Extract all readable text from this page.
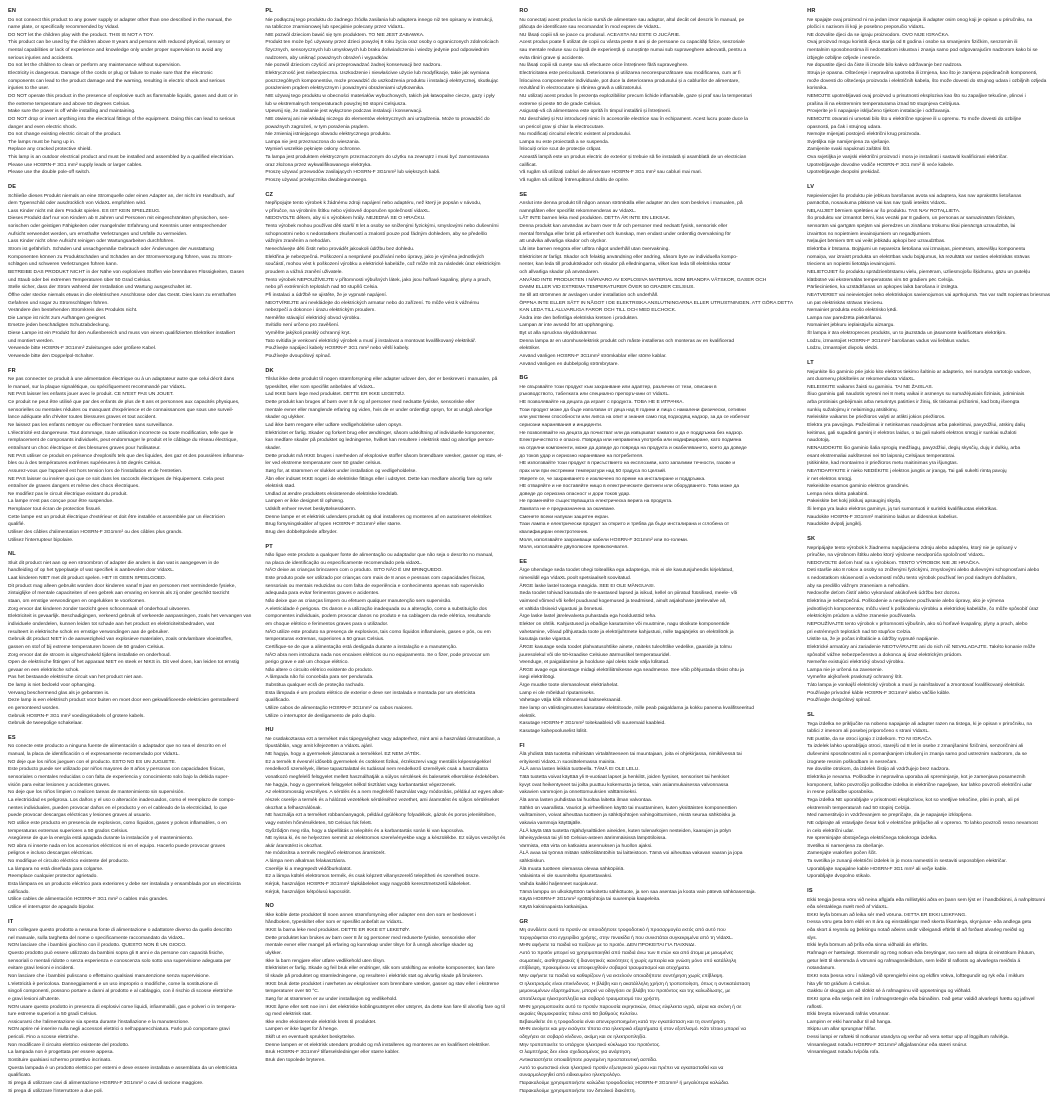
EN
Do not connect this product to any power supply or adapter other than one described in the manual, the
name plate, or specifically recommended by Vidaxl.
DO NOT let the children play with the product. THIS IS NOT A TOY.
This product can be used by the children above 8 years and persons with reduced physical, sensory or
mental capabilities or lack of experience and knowledge only under proper supervision to avoid any
serious injuries and accidents.
Do not let the children to clean or perform any maintenance without supervision.
Electricity is dangerous. Damage of the cords or plug or failure to make sure that the electronic
components can lead to the product damage and the warning, resulting in electric shock and serious
injuries to the user.
DO NOT operate this product in the presence of explosive such as flammable liquids, gases and dust or in
the extreme temperature and above 50 degrees Celsius.
Make sure the power is off while installing and maintaining.
DO NOT drop or insert anything into the electrical fittings of the equipment. Doing this can lead to serious
danger and even electric shock.
Do not change existing electric circuit of the product.
The lamps must be hung up in.
Replace any cracked protective shield.
This lamp is an outdoor electrical product and must be installed and assembled by a qualified electrician.
Please use HOSRN-F 3G1 mm² supply leads or larger cables.
Please use the double pole-off switch.
DE
Schließe dieses Produkt niemals an eine Stromquelle oder einen Adapter an, der nicht im Handbuch, auf
dem Typenschild oder ausdrücklich von VidaXL empfohlen wird.
Lass Kinder nicht mit dem Produkt spielen. ES IST KEIN SPIELZEUG.
Dieses Produkt darf nur von Kindern ab 8 Jahren und Personen mit eingeschränkten physischen, sen-
sorischen oder geistigen Fähigkeiten oder mangelnder Erfahrung und Kenntnis unter entsprechender
Aufsicht verwendet werden, um ernsthafte Verletzungen und Unfälle zu vermeiden.
Lass Kinder nicht ohne Aufsicht reinigen oder Wartungsarbeiten durchführen.
Strom ist gefährlich. Schäden und unsachgemäße Gebrauch oder Änderungen der Ausstattung
Komponenten können zu Produktschäden und Schäden an der Stromversorgung führen, was zu Strom-
schlägen und schweren Verletzungen führen kann.
BETREIBE DAS PRODUKT NICHT in der Nähe von explosiven Stoffen wie brennbaren Flüssigkeiten, Gasen
und Staub oder bei extremen Temperaturen über 50 Grad Celsius.
Stelle sicher, dass der Strom während der Installation und Wartung ausgeschaltet ist.
Öffne oder stecke niemals etwas in die elektrischen Anschlüsse oder das Gerät. Dies kann zu ernsthaften
Gefahren und sogar zu Stromschlägen führen.
Verändere den bestehenden Stromkreis des Produkts nicht.
Die Lampe ist nicht zum Aufhängen geeignet.
Ersetze jeden beschädigten Schutzabdeckung.
Diese Lampe ist ein Produkt für den Außenbereich und muss von einem qualifizierten Elektriker installiert
und montiert werden.
Verwende bitte HOSRN-F 3G1mm² Zuleitungen oder größere Kabel.
Verwende bitte den Doppelpol-Schalter.
FR
Ne pas connecter ce produit à une alimentation électrique ou à un adaptateur autre que celui décrit dans
le manuel, sur la plaque signalétique, ou spécifiquement recommandé par VidaXL.
NE PAS laisser les enfants jouer avec le produit. CE N'EST PAS UN JOUET.
Ce produit ne peut être utilisé que par des enfants de plus de 8 ans et personnes aux capacités physiques,
sensorielles ou mentales réduites ou manquant d'expérience et de connaissances que sous une surveil-
lance adéquate afin d'éviter toutes blessures graves et tout accident.
Ne laissez pas les enfants nettoyer ou effectuer l'entretien sans surveillance.
L'électricité est dangereuse. Tout dommage, toute utilisation incorrecte ou toute modification, telle que le
remplacement de composants individuels, peut endommager le produit et le câblage du réseau électrique,
entraînant un choc électrique et des blessures graves pour l'utilisateur.
NE PAS utiliser ce produit en présence d'explosifs tels que des liquides, des gaz et des poussières inflamma-
bles ou à des températures extrêmes supérieures à 50 degrés Celsius.
Assurez-vous que l'appareil est hors tension lors de l'installation et de l'entretien.
NE PAS laisser ou insérer quoi que ce soit dans les raccords électriques de l'équipement. Cela peut
entraîner de graves dangers et même des chocs électriques.
Ne modifiez pas le circuit électrique existant du produit.
La lampe n'est pas conçue pour être suspendue.
Remplacer tout écran de protection fissuré.
Cette lampe est un produit électrique d'extérieur et doit être installée et assemblée par un électricien
qualifié.
Utiliser des câbles d'alimentation HOSRN-F 3G1mm² ou des câbles plus grands.
Utilisez l'interrupteur bipolaire.
NL
Sluit dit product niet aan op een stroombron of adapter die anders is dan wat is aangegeven in de
handleiding of op het typeplaatje of wat specifiek is aanbevolen door VidaXL.
Laat kinderen NIET met dit product spelen. HET IS GEEN SPEELGOED.
Dit product mag alleen gebruikt worden door kinderen vanaf 8 jaar en personen met verminderde fysieke,
zintuiglijke of mentale capaciteiten of een gebrek aan ervaring en kennis als zij onder geschikt toezicht
staan, om ernstige verwondingen en ongelukken te voorkomen.
Zorg ervoor dat kinderen zonder toezicht geen schoonmaak of onderhoud uitvoeren.
Elektriciteit is gevaarlijk. Beschadigingen, verkeerd gebruik of verkeerde aanpassingen, zoals het vervangen van
individuele onderdelen, kunnen leiden tot schade aan het product en elektriciteitsbedraden, wat
resulteert in elektrische schok en ernstige verwondingen aan de gebruiker.
Gebruik dit product NIET in de aanwezigheid van explosieve materialen, zoals ontvlambare vloeistoffen,
gassen en stof of bij extreme temperaturen boven de 50 graden Celsius.
Zorg ervoor dat de stroom is uitgeschakeld tijdens installatie en onderhoud.
Open de elektrische fittingen of het apparaat NIET en steek er NIKS in. Dit veel doen, kan leiden tot ernstig
gevaar en een elektrische schok.
Pas het bestaande elektrische circuit van het product niet aan.
De lamp is niet bedoeld voor ophanging.
Vervang beschermend glas als je gebarsten is.
Deze lamp is een elektrisch product voor buiten en moet door een gekwalificeerde elektricien geïnstalleerd
en gemonteerd worden.
Gebruik HOSRN-F 3G1 mm² voedingskabels of grotere kabels.
Gebruik de tweepolige schakelaar.
ES
No conecte este producto a ninguna fuente de alimentación o adaptador que no sea el descrito en el
manual, la placa de identificación o el expresamente recomendado por VidaXL.
NO deje que los niños jueguen con el producto. ESTO NO ES UN JUGUETE.
Este producto puede ser utilizado por niños mayores de 8 años y personas con capacidades físicas,
sensoriales o mentales reducidas o con falta de experiencia y conocimiento solo bajo la debida super-
visión para evitar lesiones y accidentes graves.
No deje que los niños limpien o realicen tareas de mantenimiento sin supervisión.
La electricidad es peligrosa. Los daños y el uso o alteración inadecuados, como el reemplazo de compo-
nentes individuales, pueden provocar daños en el producto y en el cableado de la electricidad, lo que
puede provocar descargas eléctricas y lesiones graves al usuario.
NO utilice este producto en presencia de explosivos, como líquidos, gases y polvos inflamables, o en
temperaturas extremas superiores a 50 grados Celsius.
Asegúrese de que la energía está apagada durante la instalación y el mantenimiento.
NO abra ni inserte nada en los accesorios eléctricos ni en el equipo. Hacerlo puede provocar graves
peligros e incluso descargas eléctricas.
No modifique el circuito eléctrico existente del producto.
La lámpara no está diseñada para colgarse.
Reemplace cualquier protector agrietado.
Esta lámpara es un producto eléctrico para exteriores y debe ser instalada y ensamblada por un electricista
calificado.
Utilice cables de alimentación HOSRN-F 3G1 mm² o cables más grandes.
Utilice el interruptor de apagado bipolar.
IT
Non collegare questo prodotto a nessuna fonte di alimentazione o adattatore diverso da quello descritto
nel manuale, sulla targhetta del nome o specificamente raccomandato da VidaXL.
NON lasciare che i bambini giochino con il prodotto. QUESTO NON È UN GIOCO.
Questo prodotto può essere utilizzato da bambini sopra gli 8 anni e da persone con capacità fisiche,
sensoriali o mentali ridotte o senza esperienza e conoscenza solo sotto una supervisione adeguata per
evitare gravi lesioni e incidenti.
Non lasciare che i bambini puliscano o effettuino qualsiasi manutenzione senza supervisione.
L'elettricità è pericolosa. Danneggiamenti e un uso improprio o modifiche, come la sostituzione di
singoli componenti, possono portare a danni al prodotto e al cablaggio, con il rischio di scosse elettriche
e gravi lesioni all'utente.
NON usare questo prodotto in presenza di esplosivi come liquidi, infiammabili, gas e polveri o in tempera-
ture estreme superiori a 50 gradi Celsius.
Assicurarsi che l'alimentazione sia spenta durante l'installazione e la manutenzione.
NON aprire né inserire nulla negli accessori elettrici o nell'apparecchiatura. Farlo può comportare gravi
pericoli. Fino a scosse elettriche.
Non modificare il circuito elettrico esistente del prodotto.
La lampada non è progettata per essere appesa.
Sostituire qualsiasi schermo protettivo incrinato.
Questa lampada è un prodotto elettrico per esterni e deve essere installata e assemblata da un elettricista
qualificato.
Si prega di utilizzare cavi di alimentazione HOSRN-F 3G1mm² o cavi di sezione maggiore.
Si prega di utilizzare l'interruttore a due poli.
PL
Nie podłączaj tego produktu do żadnego źródła zasilania lub adaptera innego niż ten opisany w instrukcji,
na tabliczce znamionowej lub specjalnie polecany przez VidaXL.
NIE pozwól dzieciom bawić się tym produktem. TO NIE JEST ZABAWKA.
Produkt ten może być używany przez dzieci powyżej 8 roku życia oraz osoby o ograniczonych zdolnościach
fizycznych, sensorycznych lub umysłowych lub braku doświadczenia i wiedzy jedynie pod odpowiednim
nadzorem, aby uniknąć poważnych obrażeń i wypadków.
Nie pozwól dzieciom czyścić ani przeprowadzać żadnej konserwacji bez nadzoru.
Elektryczność jest niebezpieczna. Uszkodzenie i niewłaściwe użycie lub modyfikacje, takie jak wymiana
poszczególnych komponentów, może prowadzić do uszkodzenia produktu i instalacji elektrycznej, skutkując
porażeniem prądem elektrycznym i poważnymi obrażeniami użytkownika.
NIE używaj tego produktu w obecności materiałów wybuchowych, takich jak łatwopalne ciecze, gazy i pyły
lub w ekstremalnych temperaturach powyżej 50 stopni Celsjusza.
Upewnij się, że zasilanie jest wyłączone podczas instalacji i konserwacji.
NIE otwieraj ani nie wkładaj niczego do elementów elektrycznych ani urządzenia. Może to prowadzić do
poważnych zagrożeń, w tym porażenia prądem.
Nie zmieniaj istniejącego obwodu elektrycznego produktu.
Lampa nie jest przeznaczona do wieszania.
Wymień wszelkie pęknięte osłony ochronne.
Ta lampa jest produktem elektrycznym przeznaczonym do użytku na zewnątrz i musi być zamontowana
oraz złożona przez wykwalifikowanego elektryka.
Proszę używać przewodów zasilających HOSRN-F 3G1mm² lub większych kabli.
Proszę używać przełącznika dwubiegunowego.
CZ
Nepřipojujte tento výrobek k žádnému zdroji napájení nebo adaptéru, než který je popsán v návodu,
v příručce, na výrobním štítku nebo výslovně doporučen společností vidaXL.
NEDOVOLTE dětem, aby si s výrobkem hrály. NEJEDNÁ SE O HRAČKU.
Tento výrobek mohou používat děti starší 8 let a osoby se sníženými fyzickými, smyslovými nebo duševními
schopnostmi nebo s nedostatkem zkušeností a znalostí pouze pod řádným dohledem, aby se předešlo
vážným zraněním a nehodám.
Nenechávejte děti čistit nebo provádět jakoukoli údržbu bez dohledu.
Elektřina je nebezpečná. Poškození a nesprávné používání nebo úpravy, jako je výměna jednotlivých
součástí, mohou vést k poškození výrobku a elektrické kabeláže, což může mít za následek úraz elektrickým
proudem a vážná zranění uživatele.
Tento výrobek NEPOUŽÍVEJTE v přítomnosti výbušných látek, jako jsou hořlavé kapaliny, plyny a prach,
nebo při extrémních teplotách nad 50 stupňů Celsia.
Při instalaci a údržbě se ujistěte, že je vypnuté napájení.
NEOTVÍREJTE ani nevkládejte do elektrických armatur nebo do zařízení. To může vést k vážnému
nebezpečí a dokonce i úrazu elektrickým proudem.
Neměňte stávající elektrický obvod výrobku.
Svítidlo není určeno pro zavěšení.
Vyměňte jakýkoli prasklý ochranný kryt.
Tato svítidla je venkovní elektrický výrobek a musí ji instalovat a montovat kvalifikovaný elektrikář.
Používejte napájecí kabely HOSRN-F 3G1 mm² nebo větší kabely.
Používejte dvoupólový spínač.
DK
Tilslut ikke dette produkt til nogen strømforsyning eller adapter udover den, der er beskrevet i manualen, på
typeskiltet, eller som specifikt anbefales af VidaXL.
Lad IKKE børn lege med produktet. DETTE ER IKKE LEGETØJ.
Dette produkt kan bruges af børn over 8 år og af personer med nedsatte fysiske, sensoriske eller
mentale evner eller manglende erfaring og viden, hvis de er under ordentligt opsyn, for at undgå alvorlige
skader og ulykker.
Lad ikke børn rengøre eller udføre vedligeholdelse uden opsyn.
Elektricitet er farlig. Skader og forkert brug eller ændringer, såsom udskiftning af individuelle komponenter,
kan medføre skader på produktet og ledningerne, hvilket kan resultere i elektrisk stød og alvorlige person-
skader.
Dette produkt må IKKE bruges i nærheden af eksplosive stoffer såsom brændbare væsker, gasser og støv, el-
ler ved ekstreme temperaturer over 50 grader celsius.
Sørg for, at strømmen er slukket under installation og vedligeholdelse.
Åbn eller indsæt IKKE noget i de elektriske fittings eller i udstyret. Dette kan medføre alvorlig fare og selv
elektrisk stød.
Undlad at ændre produktets eksisterende elektriske kredsløb.
Lampen er ikke designet til ophæng.
Udskift enhver revnet beskyttelsesskærm.
Denne lampe er et elektrisk udendørs produkt og skal installeres og monteres af en autoriseret elektriker.
Brug forsyningskabler af typen HOSRN-F 3G1mm² eller større.
Brug den dobbeltpolede afbryder.
PT
Não ligue este produto a qualquer fonte de alimentação ou adaptador que não seja o descrito no manual,
na placa de identificação ou especificamente recomendado pela vidaXL.
NÃO deixe as crianças brincarem com o produto. ISTO NÃO É UM BRINQUEDO.
Este produto pode ser utilizado por crianças com mais de 8 anos e pessoas com capacidades físicas,
sensoriais ou mentais reduzidas ou com falta de experiência e conhecimento apenas sob supervisão
adequada para evitar ferimentos graves e acidentes.
Não deixe que as crianças limpem ou efetuem qualquer manutenção sem supervisão.
A eletricidade é perigosa. Os danos e a utilização inadequada ou a alteração, como a substituição dos
componentes individuais, podem provocar danos no produto e na cablagem da rede elétrica, resultando
em choque elétrico e ferimentos graves para o utilizador.
NÃO utilize este produto na presença de explosivos, tais como líquidos inflamáveis, gases e pós, ou em
temperaturas extremas, superiores a 50 graus Celsius.
Certifique-se de que a alimentação está desligada durante a instalação e a manutenção.
NÃO abra nem introduza nada nos encaixes elétricos ou no equipamento. Se o fizer, pode provocar um
perigo grave e até um choque elétrico.
Não altere o circuito elétrico existente do produto.
A lâmpada não foi concebida para ser pendurada.
Substitua qualquer ecrã de proteção rachado.
Esta lâmpada é um produto elétrico de exterior e deve ser instalada e montada por um eletricista
qualificado.
Utilize cabos de alimentação HOSRN-F 3G1mm² ou cabos maiores.
Utilize o interruptor de desligamento de polo duplo.
HU
Ne csatlakoztassa ezt a terméket más tápegységhez vagy adapterhez, mint ami a használati útmutatóban, a
típustáblán, vagy amit kifejezetten a VidaXL ajánl.
NE hagyja, hogy a gyermekek játsszanak a termékkel. EZ NEM JÁTÉK.
Ez a termék 8 évesnél idősebb gyermekek és csökkent fizikai, érzékszervi vagy mentális képességekkel
rendelkező személyek, illetve tapasztalattal és tudással nem rendelkező személyek csak a használatra
vonatkozó megfelelő felügyelet mellett használhatják a súlyos sérülések és balesetek elkerülése érdekében.
Ne hagyja, hogy a gyermekek felügyelet nélkül tisztítást vagy karbantartást végezzenek.
Az elektromosság veszélyes. A sérülés és a nem megfelelő használat vagy módosítás, például az egyes alkat-
részek cseréje a termék és a hálózati vezetékek sérüléséhez vezethet, ami áramütést és súlyos sérüléseket
okozhat a felhasználónak.
NE használja ezt a terméket robbanóanyagok, például gyúlékony folyadékok, gázok és poros jelenlétében,
vagy extrém hőmérsékleten, 50 Celsius fok felett.
Győződjön meg róla, hogy a tápellátás a telepítés és a karbantartás során ki van kapcsolva.
NE nyissa ki, és ne helyezzen semmit az elektromos szerelvényekbe vagy a készülékbe. Ez súlyos veszélyt és
akár áramütést is okozhat.
Ne módosítsa a termék meglévő elektromos áramkörét.
A lámpa nem alkalmas felakasztásra.
Cserélje ki a megrepedt védőburkolatot.
Ez a lámpa kültéri elektromos termék, és csak képzett villanyszerelő telepítheti és szerelheti össze.
Kérjük, használjon HOSRN-F 3G1mm² tápkábeleket vagy nagyobb keresztmetszetű kábeleket.
Kérjük, használjon kétpólusú kapcsolót.
NO
Ikke koble dette produktet til noen annen strømforsyning eller adapter enn den som er beskrevet i
håndboken, typeskiltet eller som er spesifikt anbefalt av VidaXL.
IKKE la barna leke med produktet. DETTE ER IKKE ET LEKETØY.
Dette produktet kan brukes av barn over 8 år og personer med reduserte fysiske, sensoriske eller
mentale evner eller mangel på erfaring og kunnskap under tilsyn for å unngå alvorlige skader og
ulykker.
Ikke la barn rengjøre eller utføre vedlikehold uten tilsyn.
Elektrisitet er farlig. Skade og feil bruk eller endringer, slik som utskifting av enkelte komponenter, kan føre
til skade på produktet og strømledningene, og resultere i elektrisk støt og alvorlig skade på brukeren.
IKKE bruk dette produktet i nærheten av eksplosiver som brennbare væsker, gasser og støv eller i ekstreme
temperaturer over 50 °C.
Sørg for at strømmen er av under installasjon og vedlikehold.
IKKE åpne eller sett noe inn i det elektriske koblingsutstyret eller utstyret, da dette kan føre til alvorlig fare og til
og med elektrisk støt.
Ikke endre eksisterende elektrisk krets til produktet.
Lampen er ikke laget for å henge.
Skift ut en eventuelt sprukket beskyttelse.
Denne lampen er et elektrisk utendørs produkt og må installeres og monteres av en kvalifisert elektriker.
Bruk HOSRN-F 3G1mm² tilførselsledninger eller større kabler.
Bruk den topolede bryteren.
RO
Nu conectați acest produs la nicio sursă de alimentare sau adaptor, altul decât cel descris în manual, pe
plăcuța de identificare sau recomandat în mod expres de VidaXL.
NU lăsați copiii să se joace cu produsul. ACEASTA NU ESTE O JUCĂRIE.
Acest produs poate fi utilizat de copii cu vârsta peste 8 ani și de persoane cu capacități fizice, senzoriale
sau mentale reduse sau cu lipsă de experiență și cunoștințe numai sub supraveghere adecvată, pentru a
evita răniri grave și accidente.
Nu lăsați copiii să curețe sau să efectueze orice întreținere fără supraveghere.
Electricitatea este periculoasă. Deteriorarea și utilizarea necorespunzătoare sau modificarea, cum ar fi
înlocuirea componentelor individuale, pot duce la deteriorarea produsului și a cablurilor de alimentare,
rezultând în electrocutare și rănirea gravă a utilizatorului.
NU utilizați acest produs în prezența explozibililor precum lichide inflamabile, gaze și praf sau la temperaturi
extreme și peste 50 de grade Celsius.
Asigurați-vă că alimentarea este oprită în timpul instalării și întreținerii.
NU deschideți și NU introduceți nimic în accesoriile electrice sau în echipament. Acest lucru poate duce la
un pericol grav și chiar la electrocutare.
Nu modificați circuitul electric existent al produsului.
Lampa nu este proiectată a se suspenda.
Înlocuiți orice scut de protecție crăpat.
Această lampă este un produs electric de exterior și trebuie să fie instalată și asamblată de un electrician
calificat.
Vă rugăm să utilizați cabluri de alimentare HOSRN-F 3G1 mm² sau cabluri mai mari.
Vă rugăm să utilizați întrerupătorul dublu de oprire.
SE
Anslut inte denna produkt till någon annan strömkälla eller adapter än den som beskrivs i manualen, på
namnplåten eller specifikt rekommenderas av VidaXL.
LÅT INTE barnen leka med produkten. DETTA ÄR INTE EN LEKSAK.
Denna produkt kan användas av barn över 8 år och personer med nedsatt fysisk, sensorisk eller
mental förmåga eller brist på erfarenhet och kunskap, men endast under ordentlig övervakning för
att undvika allvarliga skador och olyckor.
Låt inte barnen rengöra eller utföra något underhåll utan övervakning.
Elektricitet är farligt. Skador och felaktig användning eller ändring, såsom byte av individuella kompo-
nenter, kan leda till produktskador och skador på elledningarna, vilket kan leda till elektriska stötar
och allvarliga skador på användaren.
ANVÄND INTE PRODUKTEN I NÄRVARO AV EXPLOSIVA MATERIAL SOM BRANDFA VÄTSKOR, GASER OCH
DAMM ELLER VID EXTREMA TEMPERATURER ÖVER 50 GRADER CELSIUS.
Se till att strömmen är avslagen under installation och underhåll.
ÖPPNA INTE ELLER SÄTT IN NÅGOT I DE ELEKTRISKA ANSLUTNINGARNA ELLER UTRUSTNINGEN. ATT GÖRA DETTA
KAN LEDA TILL ALLVARLIGA FAROR OCH TILL OCH MED ELCHOCK.
Ändra inte den befintliga elektriska kretsen i produkten.
Lampan är inte avsedd för att upphängning.
Byt ut alla spruckna skyddsskärmar.
Denna lampa är en utomhuselektrisk produkt och måste installeras och monteras av en kvalificerad
elektriker.
Använd vänligen HOSRN-F 3G1mm² strömkablar eller större kablar.
Använd vänligen en dubbelpolig strömbrytare.
BG
Не свързвайте този продукт към захранване или адаптер, различни от тези, описани в
ръководството, табелката или специално препоръчани от VidaXL.
НЕ позволявайте на децата да играят с продукта. ТОВА НЕ Е ИГРАЧКА.
Този продукт може да бъде използван от деца над 8 години и лица с намалени физически, сетивни
или умствени способности или липса на опит и знания само под подходящ надзор, за да се избегнат
сериозни наранявания и инциденти.
Не позволявайте на децата да почистват или да извършват каквато и да е поддръжка без надзор.
Електричеството е опасно. Повреда или неправилна употреба или модифициране, като подмяна
на отделни компоненти, може да доведе до повреда на продукта и окабеляването, което да доведе
до токов удар и сериозно нараняване на потребителя.
НЕ използвайте този продукт в присъствието на експлозиви, като запалими течности, газове и
прах или при екстремни температури над 50 градуса по Целзий.
Уверете се, че захранването е изключено по време на инсталиране и поддръжка.
НЕ отваряйте и не поставяйте нищо в електрическите фитинги или оборудването. Това може да
доведе до сериозна опасност и дори токов удар.
Не променяйте съществуващата електрическа верига на продукта.
Лампата не е предназначена за окачване.
Сменете всеки напукан защитен екран.
Тази лампа е електрически продукт за открито и трябва да бъде инсталирана и сглобена от
квалифициран електротехник.
Моля, използвайте захранващи кабели HOSRN-F 3G1mm² или по-големи.
Моля, използвайте двуполюсен превключвател.
EE
Ärge ühendage seda toodet ühegi toiteallika ega adapteriga, mis ei ole kasutusjuhendis kirjeldatud,
nimesildil ega VidaXL poolt spetsiaalselt soovitatud.
ÄRGE laske lastel tootega mängida. SEE EI OLE MÄNGUASI.
Seda toodet tohivad kasutada üle 8-aastased lapsed ja isikud, kellel on piiratud füüsilised, meele- või
vaimsed võimed või kellel puuduvad kogemused ja teadmised, ainult asjakohase järelevalve all,
et vältida tõsiseid vigastusi ja õnnetusi.
Ärge laske lastel järelevalveta puhastada ega hooldustöid teha.
Elekter on ohtlik. Kahjustused ja ebaõige kasutamine või muutmine, nagu üksikute komponentide
vahetamine, võivad põhjustada toote ja elektrijuhtmete kahjustusi, mille tagajärjeks on elektrilöök ja
kasutaja raske vigastus.
ÄRGE kasutage seda toodet plahvatusohtlike ainete, näiteks tuleohtlike vedelike, gaaside ja tolmu
juuresolekul või üle 50-kraadise Celsiuse äärmuslikel temperatuuridel.
Veenduge, et paigaldamise ja hoolduse ajal oleks toide välja lülitatud.
ÄRGE avage ega sisestage midagi elektriliitmikesse ega seadmesse. See võib põhjustada tõsist ohtu ja
isegi elektrilöögi.
Ärge muutke toote olemasolevat elektriahelat.
Lamp ei ole mõeldud riputamiseks.
Vahetage välja kõik mõranenud kaitseekraanid.
See lamp on välistingimustes kasutatav elektritoode, mille peab paigaldama ja kokku panema kvalifitseeritud
elektrik.
Kasutage HOSRN-F 3G1mm² toitekaableid või suuremaid kaableid.
Kasutage kahepooluselist lülitit.
FI
Älä yhdistä tätä tuotetta mihinkään virtalähteeseen tai muuntajaan, joita ei ohjekirjassa, nimikilvessä tai
erityisesti VidaXL:n suosittelemassa mainita.
ÄLÄ anna lasten leikkiä tuotteella. TÄMÄ EI OLE LELU.
Tätä tuotetta voivat käyttää yli 8-vuotiaat lapset ja henkilöt, joiden fyysiset, sensoriset tai henkiset
kyvyt ovat heikentyneet tai joilta puuttuu kokemusta ja tietoa, vain asianmukaisessa valvonnassa
vakavien vammojen ja onnettomuuksien välttämiseksi.
Älä anna lasten puhdistaa tai huoltaa laitetta ilman valvontaa.
Sähkö on vaarallista. Vauriot ja virheellinen käyttö tai muuttaminen, kuten yksittäisten komponenttien
vaihtaminen, voivat aiheuttaa tuotteen ja sähköjohtojen vahingoittumisen, mistä seuraa sähköisku ja
vakavia vammoja käyttäjälle.
ÄLÄ käytä tätä tuotetta räjähdysalttiiden aineiden, kuten tulenarkojen nesteiden, kaasujen ja pölyn
läheisyydessä tai yli 50 Celsius-asteen äärimmäisissä lämpötiloissa.
Varmista, että virta on katkaistu asennuksen ja huollon ajaksi.
ÄLÄ avaa tai työnnä mitään sähköliitäntöihin tai laitteistoon. Tämä voi aiheuttaa vakavan vaaran ja jopa
sähköiskun.
Älä muuta tuotteen olemassa olevaa sähköpiiriä.
Valaisinta ei ole suunniteltu ripustettavaksi.
Vaihda kaikki haljenneet suojakuvut.
Tämä lamppu on ulkokäyttöön tarkoitettu sähkötuote, ja sen saa asentaa ja koota vain pätevä sähköasentaja.
Käytä HOSRN-F 3G1mm² syöttöjohtoja tai suurempia kaapeleita.
Käytä kaksinapaista katkaisijaa.
GR
Μη συνδέετε αυτό το προϊόν σε οποιοδήποτε τροφοδοτικό ή προσαρμογέα εκτός από αυτό που
περιγράφεται στο εγχειρίδιο χρήσης, στην πινακίδα ή που συνιστάται συγκεκριμένα από τη VidaXL.
ΜΗΝ αφήνετε τα παιδιά να παίζουν με το προϊόν. ΔΕΝ ΠΡΟΚΕΙΤΑΙ ΓΙΑ ΠΑΙΧΝΙΔΙ.
Αυτό το προϊόν μπορεί να χρησιμοποιηθεί από παιδιά άνω των 8 ετών και από άτομα με μειωμένες
σωματικές, αισθητηριακές ή διανοητικές ικανότητες ή χωρίς εμπειρία και γνώση μόνο υπό κατάλληλη
επίβλεψη, προκειμένου να αποφευχθούν σοβαροί τραυματισμοί και ατυχήματα.
Μην αφήνετε τα παιδιά να καθαρίζουν ή να εκτελούν οποιαδήποτε συντήρηση χωρίς επίβλεψη.
Ο ηλεκτρισμός είναι επικίνδυνος. Η βλάβη και η ακατάλληλη χρήση ή τροποποίηση, όπως η αντικατάσταση
μεμονωμένων εξαρτημάτων, μπορεί να οδηγήσει σε βλάβη του προϊόντος και της καλωδίωσης, με
αποτέλεσμα ηλεκτροπληξία και σοβαρό τραυματισμό του χρήστη.
ΜΗΝ χρησιμοποιείτε αυτό το προϊόν παρουσία εκρηκτικών, όπως εύφλεκτα υγρά, αέρια και σκόνη ή σε
ακραίες θερμοκρασίες πάνω από 50 βαθμούς Κελσίου.
Βεβαιωθείτε ότι η τροφοδοσία είναι απενεργοποιημένη κατά την εγκατάσταση και τη συντήρηση.
ΜΗΝ ανοίγετε και μην εισάγετε τίποτα στα ηλεκτρικά εξαρτήματα ή στον εξοπλισμό. Κάτι τέτοιο μπορεί να
οδηγήσει σε σοβαρό κίνδυνο, ακόμη και σε ηλεκτροπληξία.
Μην τροποποιείτε το υπάρχον ηλεκτρικό κύκλωμα του προϊόντος.
Ο λαμπτήρας δεν είναι σχεδιασμένος για ανάρτηση.
Αντικαταστήστε οποιαδήποτε ραγισμένη προστατευτική ασπίδα.
Αυτό το φωτιστικό είναι ηλεκτρικό προϊόν εξωτερικού χώρου και πρέπει να εγκατασταθεί και να
συναρμολογηθεί από ειδικευμένο ηλεκτρολόγο.
Παρακαλούμε χρησιμοποιήστε καλώδια τροφοδοσίας HOSRN-F 3G1mm² ή μεγαλύτερα καλώδια.
Παρακαλούμε χρησιμοποιήστε τον διπολικό διακόπτη.
HR
Ne spajajte ovaj proizvod ni na jedan izvor napajanja ili adapter osim onog koji je opisan u priručniku, na
pločici s nazivom ili koji je posebno preporučio VidaXL.
NE dozvolite djeci da se igraju proizvodom. OVO NIJE IGRAČKA.
Ovaj proizvod mogu koristiti djeca starija od 8 godina i osobe sa smanjenim fizičkim, senzornim ili
mentalnim sposobnostima ili nedostatkom iskustva i znanja samo pod odgovarajućim nadzorom kako bi se
izbjegle ozbiljne ozljede i nesreće.
Ne dopustite djeci da čiste ili izvode bilo kakvo održavanje bez nadzora.
Struja je opasna. Oštećenje i nepravilna upotreba ili izmjena, kao što je zamjena pojedinačnih komponenti,
može dovesti do oštećenja proizvoda i električnih kabela, što može dovesti do strujnog udara i ozbiljnih ozljeda
korisnika.
NEMOJTE upotrebljavati ovaj proizvod u prisutnosti eksploziva kao što su zapaljive tekućine, plinovi i
prašina ili na ekstremnim temperaturama iznad 50 stupnjeva Celzijusa.
Provjerite je li napajanje isključeno tijekom instalacije i održavanja.
NEMOJTE otvarati ni umetati bilo što u električne spojeve ili u opremu. To može dovesti do ozbiljne
opasnosti, pa čak i strujnog udara.
Nemojte mijenjati postojeći električni krug proizvoda.
Svjetiljka nije namijenjena za vješanje.
Zamijenite svaki napuknuti zaštitni štit.
Ova svjetiljka je vanjski električni proizvod i mora je instalirati i sastaviti kvalificirani električar.
Upotrebljavajte dovodne vodiče HOSRN-F 3G1 mm² ili veće kabele.
Upotrebljavajte dvopolni prekidač.
LV
Nepievienojiet šo produktu pie jebkura barošanas avota vai adaptera, kas nav aprakstīts lietošanas
pamācībā, nosaukuma plāksnē vai kas nav īpaši ieteikts VidaXL.
NEĻAUJIET bērniem spēlēties ar šo produktu. TAS NAV ROTAĻLIETA.
Šo produktu var izmantot bērni, kas vecāki par 8 gadiem, un personas ar samazinātām fiziskām,
sensorām vai garīgām spējām vai pieredzes un zināšanu trūkumu tikai pienācīgā uzraudzībā, lai
izvairītos no nopietniem ievainojumiem un negadījumiem.
Neļaujiet bērniem tīrīt vai veikt jebkādu apkopi bez uzraudzības.
Elektrība ir bīstama. Bojājumi un nepareiza lietošana vai izmaiņas, piemēram, atsevišķu komponentu
nomaiņa, var izraisīt produkta un elektrības vadu bojājumus, kā rezultātā var rasties elektriskās strāvas
trieciens un nopietni lietotāja ievainojumi.
NELIETOJIET šo produktu sprādzienbīstamu vielu, piemēram, uzliesmojošu šķidrumu, gāzu un putekļu
klātbūtnē vai ekstremālās temperatūrās virs 50 grādiem pēc Celsija.
Pārliecinieties, ka uzstādīšanas un apkopes laikā barošana ir izslēgta.
NEATVERIET vai neievietojiet neko elektriskajos savienojumos vai aprīkojumā. Tas var radīt nopietnas briesmas
un pat elektriskās strāvas triecienu.
Nemainiet produkta esošo elektrisko ķēdi.
Lampa nav paredzēta piekāršanai.
Nomainiet jebkuru ieplaisājušu aizsargu.
Šī lampa ir āra elektropreces produkts, un to jāuzstāda un jāsamontē kvalificētam elektriķim.
Lūdzu, izmantojiet HOSRN-F 3G1mm² barošanas vadus vai lielākus vadus.
Lūdzu, izmantojiet divpolu slēdzi.
LT
Nejunkite šio gaminio prie jokio kito elektros tiekimo šaltinio ar adapterio, nei nurodyta vartotojo vadove,
ant duomenų plokštelės ar rekomenduota VidaXL.
NELEISKITE vaikams žaisti su gaminiu. TAI NE ŽAISLAS.
Šiuo gaminiu gali naudotis vyresni nei 8 metų vaikai ir asmenys su sumažėjusiais fiziniais, jutiminiais
arba protiniais gebėjimais arba neturintys patirties ir žinių, tik tinkamai prižiūrimi, kad būtų išvengta
sunkių sužalojimų ir nelaimingų atsitikimų.
Neleiskite vaikams be priežiūros valyti ar atlikti jokios priežiūros.
Elektra yra pavojinga. Pažeidimai ir netinkamas naudojimas arba pakeitimai, pavyzdžiui, atskirų dalių
keitimas, gali sugadinti gaminį ir elektros laidus, o tai gali sukelti elektros smūgį ir sunkiai sužaloti
naudotoją.
NENAUDOKITE šio gaminio šalia sprogių medžiagų, pavyzdžiui, degių skysčių, dujų ir dulkių, arba
esant ekstremaliai aukštesnei nei 50 laipsnių Celsijaus temperatūrai.
Įsitikinkite, kad montavimo ir priežiūros metu maitinimas yra išjungtas.
NEATIDARYKITE ir nieko NEDĖKITE į elektros jungtis ar įrangą. Tai gali sukelti rimtą pavojų
ir net elektros smūgį.
Nekeiskite esamos gaminio elektros grandinės.
Lempa nėra skirta pakabinti.
Pakeiskite bet kokį įskilusį apsauginį skydą.
Ši lempa yra lauko elektros gaminys, ją turi sumontuoti ir surinkti kvalifikuotas elektrikas.
Naudokite HOSRN-F 3G1mm² maitinimo laidus ar didesnius kabelius.
Naudokite dvipolį jungiklį.
SK
Nepripájajte tento výrobok k žiadnemu napájaciemu zdroju alebo adaptéru, ktorý nie je opísaný v
príručke, na výrobnom štítku alebo ktorý výslovne neodporúča spoločnosť VidaXL.
NEDOVOĽTE deťom hrať sa s výrobkom. TENTO VÝROBOK NIE JE HRAČKA.
Deti staršie ako 8 rokov a osoby so zníženými fyzickými, zmyslovými alebo duševnými schopnosťami alebo
s nedostatkom skúseností a vedomostí môžu tento výrobok používať len pod riadnym dohľadom,
aby sa predišlo vážnym zraneniam a nehodám.
Nedovoľte deťom čistiť alebo vykonávať akúkoľvek údržbu bez dozoru.
Elektrina je nebezpečná. Poškodenie a nesprávne používanie alebo úpravy, ako je výmena
jednotlivých komponentov, môžu viesť k poškodeniu výrobku a elektrickej kabeláže, čo môže spôsobiť úraz
elektrickým prúdom a vážne zranenie používateľa.
NEPOUŽÍVAJTE tento výrobok v prítomnosti výbušnín, ako sú horľavé kvapaliny, plyny a prach, alebo
pri extrémnych teplotách nad 50 stupňov Celzia.
Uistite sa, že je počas inštalácie a údržby vypnuté napájanie.
Elektrické armatúry ani zariadenie NEOTVÁRAJTE ani do nich nič NEVKLADAJTE. Takéto konanie môže
spôsobiť vážne nebezpečenstvo a dokonca aj úraz elektrickým prúdom.
Nemeňte existujúci elektrický obvod výrobku.
Lampa nie je určená na zavesenie.
Vymeňte akýkoľvek prasknutý ochranný štít.
Táto lampa je vonkajší elektrický výrobok a musí ju nainštalovať a zmontovať kvalifikovaný elektrikár.
Používajte prívodné káble HOSRN-F 3G1mm² alebo väčšie káble.
Používajte dvojpólový spínač.
SL
Tega izdelka ne priključite na nobeno napajanje ali adapter razen na tistega, ki je opisan v priročniku, na
tablici z imenom ali posebej priporočeno s strani VidaXL.
NE pustite, da se otroci igrajo z izdelkom. TO NI IGRAČA.
Ta izdelek lahko uporabljajo otroci, starejši od 8 let in osebe z zmanjšanimi fizičnimi, senzoričnimi ali
duševnimi sposobnostmi ali s pomanjkanjem izkušenj in znanja samo pod ustreznim nadzorom, da se
izognete resnim poškodbam in nesrečam.
Ne dovolite otrokom, da izdelek čistijo ali vzdržujejo brez nadzora.
Elektrika je nevarna. Poškodbe in nepravilna uporaba ali spreminjanje, kot je zamenjava posameznih
komponent, lahko povzročijo poškodbe izdelka in električne napeljave, kar lahko povzroči električni udar
in resne poškodbe uporabnika.
Tega izdelka NE uporabljajte v prisotnosti eksplozivov, kot so vnetljive tekočine, plini in prah, ali pri
ekstremnih temperaturah nad 50 stopinj Celzija.
Med namestitvijo in vzdrževanjem se prepričajte, da je napajanje izklopljeno.
NE odpirajte ali vstavljajte česar koli v električne priključke ali v opremo. To lahko povzroči resno nevarnost
in celo električni udar.
Ne spreminjajte obstoječega električnega tokokroga izdelka.
Svetilka ni namenjena za obešanje.
Zamenjajte vsakršen počen ščit.
Ta svetilka je zunanji električni izdelek in jo mora namestiti in sestaviti usposobljen električar.
Uporabljajte napajalne kable HOSRN-F 3G1 mm² ali večje kable.
Uporabljajte dvopolno stikalo.
IS
Ekki tengja þessa vöru við neina aflgjafa eða millistykki aðra en þann sem lýst er í handbókinni, á nafnplötunni
eða sérstaklega mælt með af VidaXL.
EKKI leyfa börnum að leika sér með vöruna. ÞETTA ER EKKI LEIKFANG.
Þessa vöru geta börn eldri en 8 ára og einstaklingar með skerta líkamlega, skynjunar- eða andlega getu
eða skort á reynslu og þekkingu notað aðeins undir viðeigandi eftirliti til að forðast alvarleg meiðsl og
slys.
Ekki leyfa börnum að þrífa eða sinna viðhaldi án eftirlits.
Rafmagn er hættulegt. Skemmdir og röng notkun eða breytingar, svo sem að skipta út einstökum íhlutum,
getur leitt til skemmda á vörunni og rafmagnsleiðslum, sem leiðir til raflosts og alvarlegra meiðsla á
notandanum.
EKKI nota þessa vöru í nálægð við sprengiefni eins og eldfim vökva, lofttegundir og ryk eða í miklum
hita yfir 50 gráðum á Celsíus.
Gakktu úr skugga um að slökkt sé á rafmagninu við uppsetningu og viðhald.
EKKI opna eða setja neitt inn í rafmagnstengin eða búnaðinn. Það getur valdið alvarlegri hættu og jafnvel
raflosti.
Ekki breyta núverandi rafrás vörunnar.
Lampinn er ekki hannaður til að hanga.
Skiptu um allar sprungnar hlífar.
Þessi lampi er raftæki til notkunar utandyra og verður að vera settur upp af löggiltum rafvirkja.
Vinsamlegast notaðu HOSRN-F 3G1mm² aflgjafasnúrur eða stærri snúrur.
Vinsamlegast notaðu tvípóla rofa.
